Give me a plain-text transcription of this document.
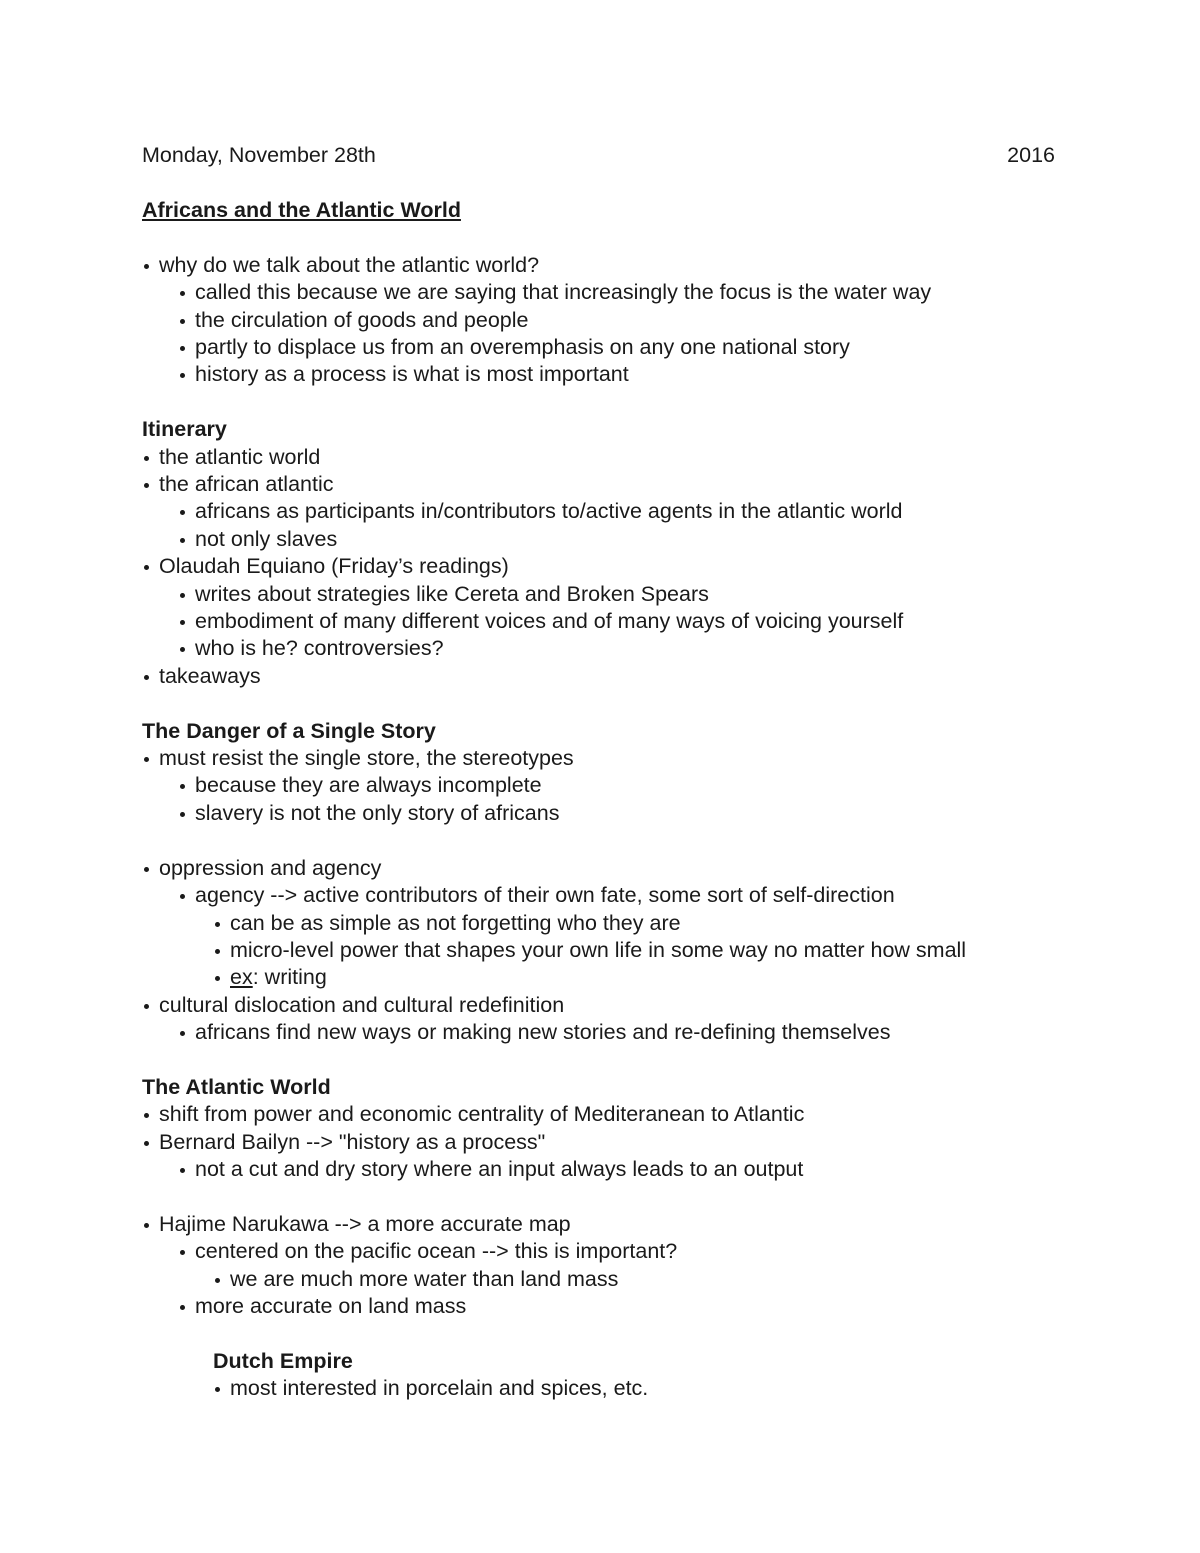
Monday, November 28th	2016
Africans and the Atlantic World
why do we talk about the atlantic world?
called this because we are saying that increasingly the focus is the water way
the circulation of goods and people
partly to displace us from an overemphasis on any one national story
history as a process is what is most important
Itinerary
the atlantic world
the african atlantic
africans as participants in/contributors to/active agents in the atlantic world
not only slaves
Olaudah Equiano (Friday’s readings)
writes about strategies like Cereta and Broken Spears
embodiment of many different voices and of many ways of voicing yourself
who is he? controversies?
takeaways
The Danger of a Single Story
must resist the single store, the stereotypes
because they are always incomplete
slavery is not the only story of africans
oppression and agency
agency --> active contributors of their own fate, some sort of self-direction
can be as simple as not forgetting who they are
micro-level power that shapes your own life in some way no matter how small
ex: writing
cultural dislocation and cultural redefinition
africans find new ways or making new stories and re-defining themselves
The Atlantic World
shift from power and economic centrality of Mediteranean to Atlantic
Bernard Bailyn --> "history as a process"
not a cut and dry story where an input always leads to an output
Hajime Narukawa --> a more accurate map
centered on the pacific ocean --> this is important?
we are much more water than land mass
more accurate on land mass
Dutch Empire
most interested in porcelain and spices, etc.
